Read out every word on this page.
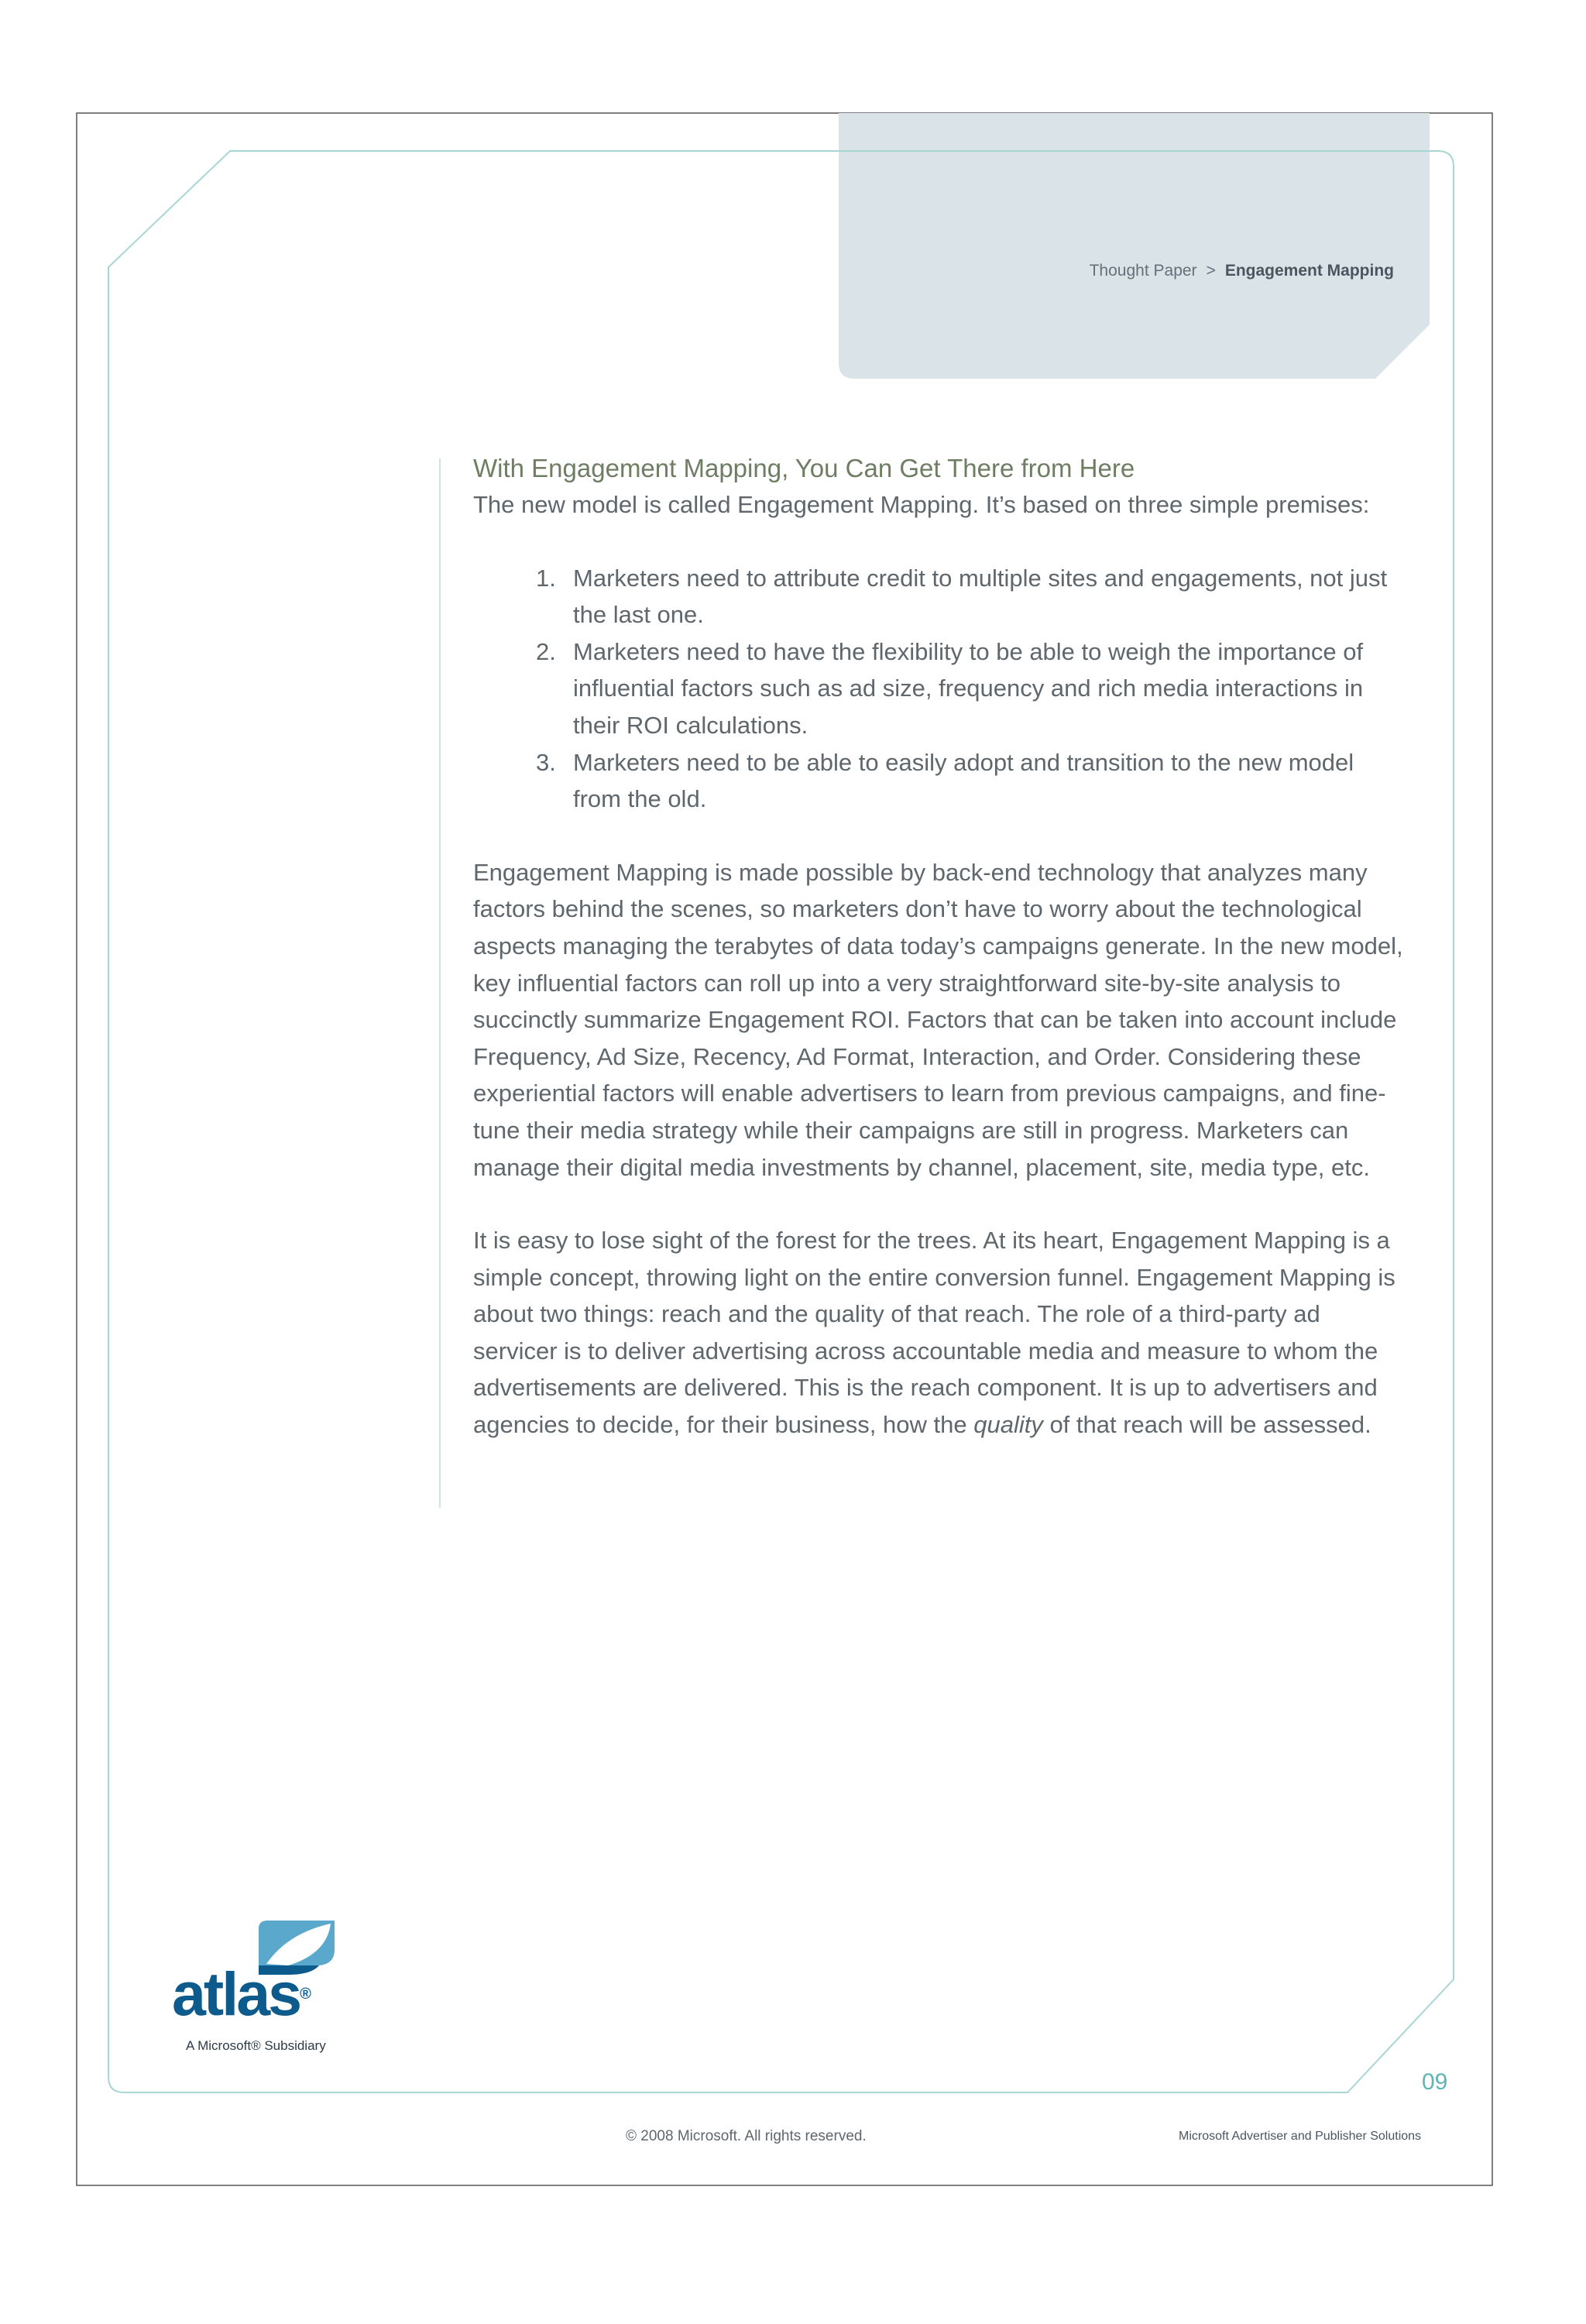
Thought Paper > Engagement Mapping
With Engagement Mapping, You Can Get There from Here

The new model is called Engagement Mapping. It’s based on three simple premises:

1. Marketers need to attribute credit to multiple sites and engagements, not just the last one.
2. Marketers need to have the flexibility to be able to weigh the importance of influential factors such as ad size, frequency and rich media interactions in their ROI calculations.
3. Marketers need to be able to easily adopt and transition to the new model from the old.

Engagement Mapping is made possible by back-end technology that analyzes many factors behind the scenes, so marketers don’t have to worry about the technological aspects managing the terabytes of data today’s campaigns generate. In the new model, key influential factors can roll up into a very straightforward site-by-site analysis to succinctly summarize Engagement ROI. Factors that can be taken into account include Frequency, Ad Size, Recency, Ad Format, Interaction, and Order. Considering these experiential factors will enable advertisers to learn from previous campaigns, and fine-tune their media strategy while their campaigns are still in progress. Marketers can manage their digital media investments by channel, placement, site, media type, etc.

It is easy to lose sight of the forest for the trees. At its heart, Engagement Mapping is a simple concept, throwing light on the entire conversion funnel. Engagement Mapping is about two things: reach and the quality of that reach. The role of a third-party ad servicer is to deliver advertising across accountable media and measure to whom the advertisements are delivered. This is the reach component. It is up to advertisers and agencies to decide, for their business, how the quality of that reach will be assessed.

atlas®
A Microsoft® Subsidiary
09
© 2008 Microsoft. All rights reserved.	Microsoft Advertiser and Publisher Solutions
